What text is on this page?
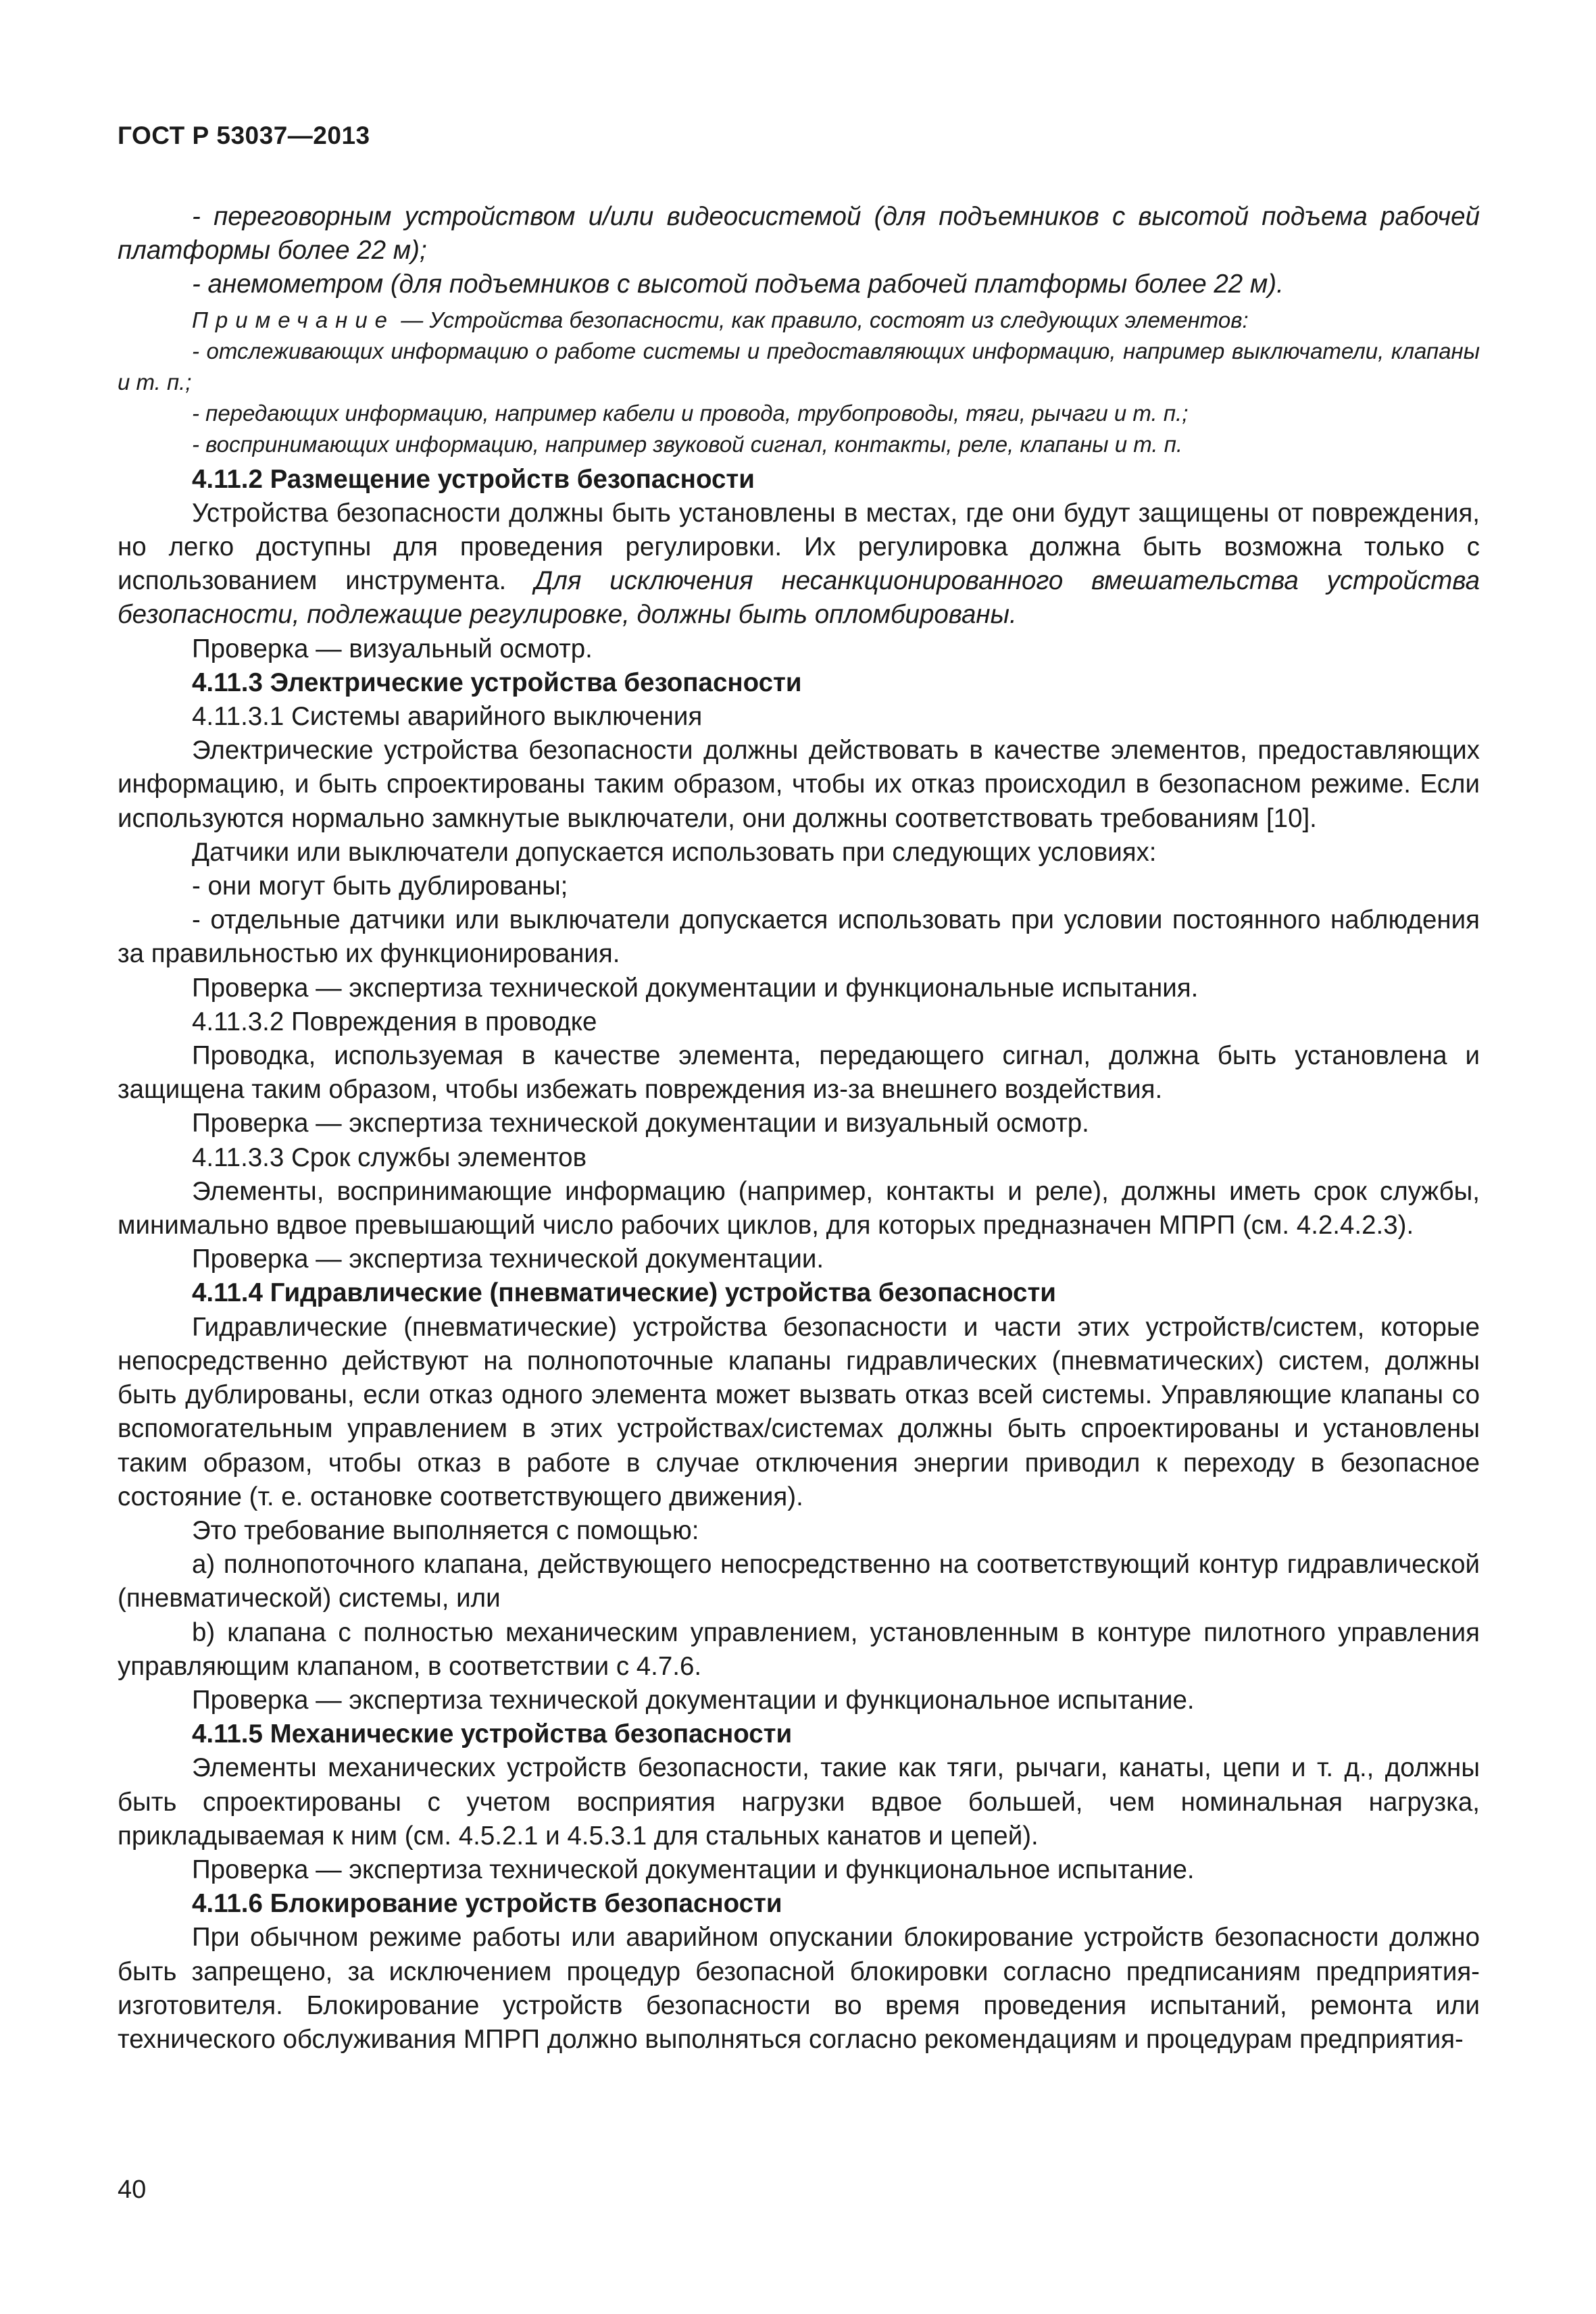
ГОСТ Р 53037—2013

- переговорным устройством и/или видеосистемой (для подъемников с высотой подъема рабочей платформы более 22 м);

- анемометром (для подъемников с высотой подъема рабочей платформы более 22 м).

Примечание — Устройства безопасности, как правило, состоят из следующих элементов:

- отслеживающих информацию о работе системы и предоставляющих информацию, например выключатели, клапаны и т. п.;

- передающих информацию, например кабели и провода, трубопроводы, тяги, рычаги и т. п.;

- воспринимающих информацию, например звуковой сигнал, контакты, реле, клапаны и т. п.

4.11.2 Размещение устройств безопасности

Устройства безопасности должны быть установлены в местах, где они будут защищены от повреждения, но легко доступны для проведения регулировки. Их регулировка должна быть возможна только с использованием инструмента. Для исключения несанкционированного вмешательства устройства безопасности, подлежащие регулировке, должны быть опломбированы.

Проверка — визуальный осмотр.

4.11.3 Электрические устройства безопасности

4.11.3.1 Системы аварийного выключения

Электрические устройства безопасности должны действовать в качестве элементов, предоставляющих информацию, и быть спроектированы таким образом, чтобы их отказ происходил в безопасном режиме. Если используются нормально замкнутые выключатели, они должны соответствовать требованиям [10].

Датчики или выключатели допускается использовать при следующих условиях:

- они могут быть дублированы;

- отдельные датчики или выключатели допускается использовать при условии постоянного наблюдения за правильностью их функционирования.

Проверка — экспертиза технической документации и функциональные испытания.

4.11.3.2 Повреждения в проводке

Проводка, используемая в качестве элемента, передающего сигнал, должна быть установлена и защищена таким образом, чтобы избежать повреждения из-за внешнего воздействия.

Проверка — экспертиза технической документации и визуальный осмотр.

4.11.3.3 Срок службы элементов

Элементы, воспринимающие информацию (например, контакты и реле), должны иметь срок службы, минимально вдвое превышающий число рабочих циклов, для которых предназначен МПРП (см. 4.2.4.2.3).

Проверка — экспертиза технической документации.

4.11.4 Гидравлические (пневматические) устройства безопасности

Гидравлические (пневматические) устройства безопасности и части этих устройств/систем, которые непосредственно действуют на полнопоточные клапаны гидравлических (пневматических) систем, должны быть дублированы, если отказ одного элемента может вызвать отказ всей системы. Управляющие клапаны со вспомогательным управлением в этих устройствах/системах должны быть спроектированы и установлены таким образом, чтобы отказ в работе в случае отключения энергии приводил к переходу в безопасное состояние (т. е. остановке соответствующего движения).

Это требование выполняется с помощью:

а) полнопоточного клапана, действующего непосредственно на соответствующий контур гидравлической (пневматической) системы, или

b) клапана с полностью механическим управлением, установленным в контуре пилотного управления управляющим клапаном, в соответствии с 4.7.6.

Проверка — экспертиза технической документации и функциональное испытание.

4.11.5 Механические устройства безопасности

Элементы механических устройств безопасности, такие как тяги, рычаги, канаты, цепи и т. д., должны быть спроектированы с учетом восприятия нагрузки вдвое большей, чем номинальная нагрузка, прикладываемая к ним (см. 4.5.2.1 и 4.5.3.1 для стальных канатов и цепей).

Проверка — экспертиза технической документации и функциональное испытание.

4.11.6 Блокирование устройств безопасности

При обычном режиме работы или аварийном опускании блокирование устройств безопасности должно быть запрещено, за исключением процедур безопасной блокировки согласно предписаниям предприятия-изготовителя. Блокирование устройств безопасности во время проведения испытаний, ремонта или технического обслуживания МПРП должно выполняться согласно рекомендациям и процедурам предприятия-

40
